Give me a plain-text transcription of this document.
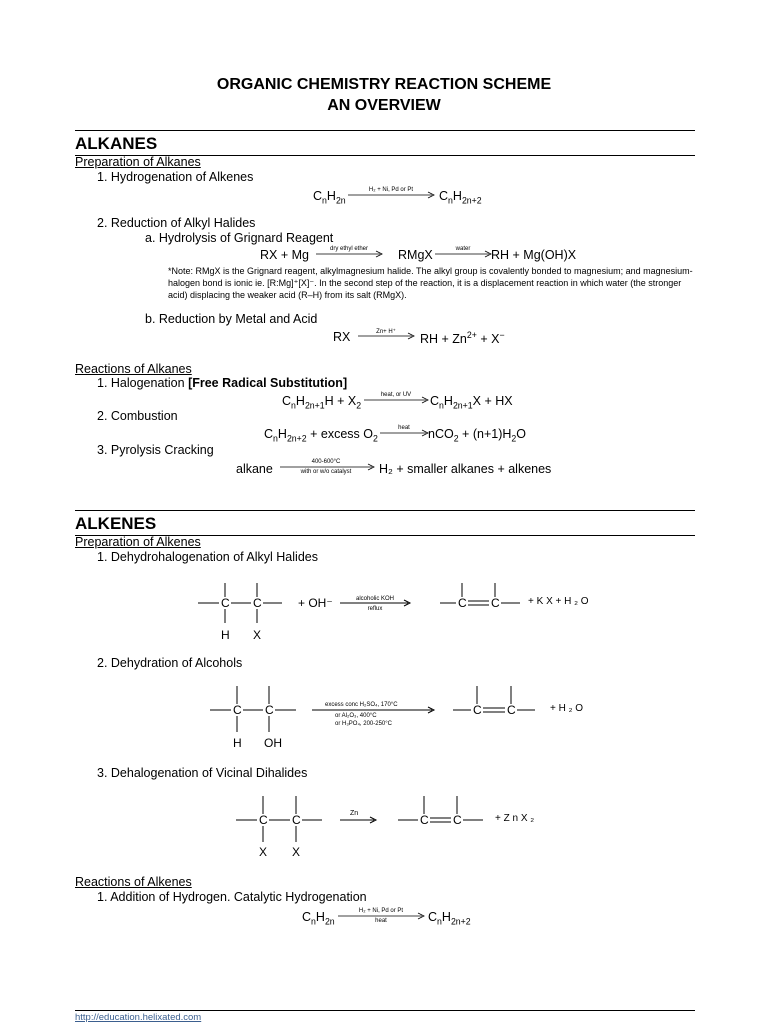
ORGANIC CHEMISTRY REACTION SCHEME
AN OVERVIEW
ALKANES
Preparation of Alkanes
1. Hydrogenation of Alkenes
$C_nH_{2n}$
H₂ + Ni, Pd or Pt	$C_nH_{2n+2}$
2. Reduction of Alkyl Halides
a. Hydrolysis of Grignard Reagent
RX + Mg	dry ethyl ether	RMgX	water	RH + Mg(OH)X
*Note: RMgX is the Grignard reagent, alkylmagnesium halide. The alkyl group is covalently bonded to magnesium; and magnesium-halogen bond is ionic ie. [R:Mg]⁺[X]⁻. In the second step of the reaction, it is a displacement reaction in which water (the stronger acid) displacing the weaker acid (R–H) from its salt (RMgX).
b. Reduction by Metal and Acid
RX	Zn+ H⁺
→ RH + $Zn^{2+} + X^-$
Reactions of Alkanes
1. Halogenation [Free Radical Substitution]
$C_nH_{2n+1}H + X_2$
heat, or UV	$C_nH_{2n+1}X$ + HX
2. Combustion
$C_nH_{2n+2}$ + excess $O_2$
heat	$nCO_2 + (n+1)H_2O$
3. Pyrolysis Cracking
alkane	400-600°C
with or w/o catalyst	H₂ + smaller alkanes + alkenes
ALKENES
Preparation of Alkenes
1. Dehydrohalogenation of Alkyl Halides
C C
H X
+ OH⁻	alcoholic KOH
reflux	C C	+ K X + H ₂ O
2. Dehydration of Alcohols
C C
H OH
excess conc H₂SO₄, 170°C
or Al₂O₃, 400°C
or H₃PO₄, 200-250°C
C C	+ H ₂ O
3. Dehalogenation of Vicinal Dihalides
C C
X X
Zn	C C	+ Z n X ₂
Reactions of Alkenes
1. Addition of Hydrogen. Catalytic Hydrogenation
$C_nH_{2n}$
H₂ + Ni, Pd or Pt
heat	$C_nH_{2n+2}$
http://education.helixated.com
